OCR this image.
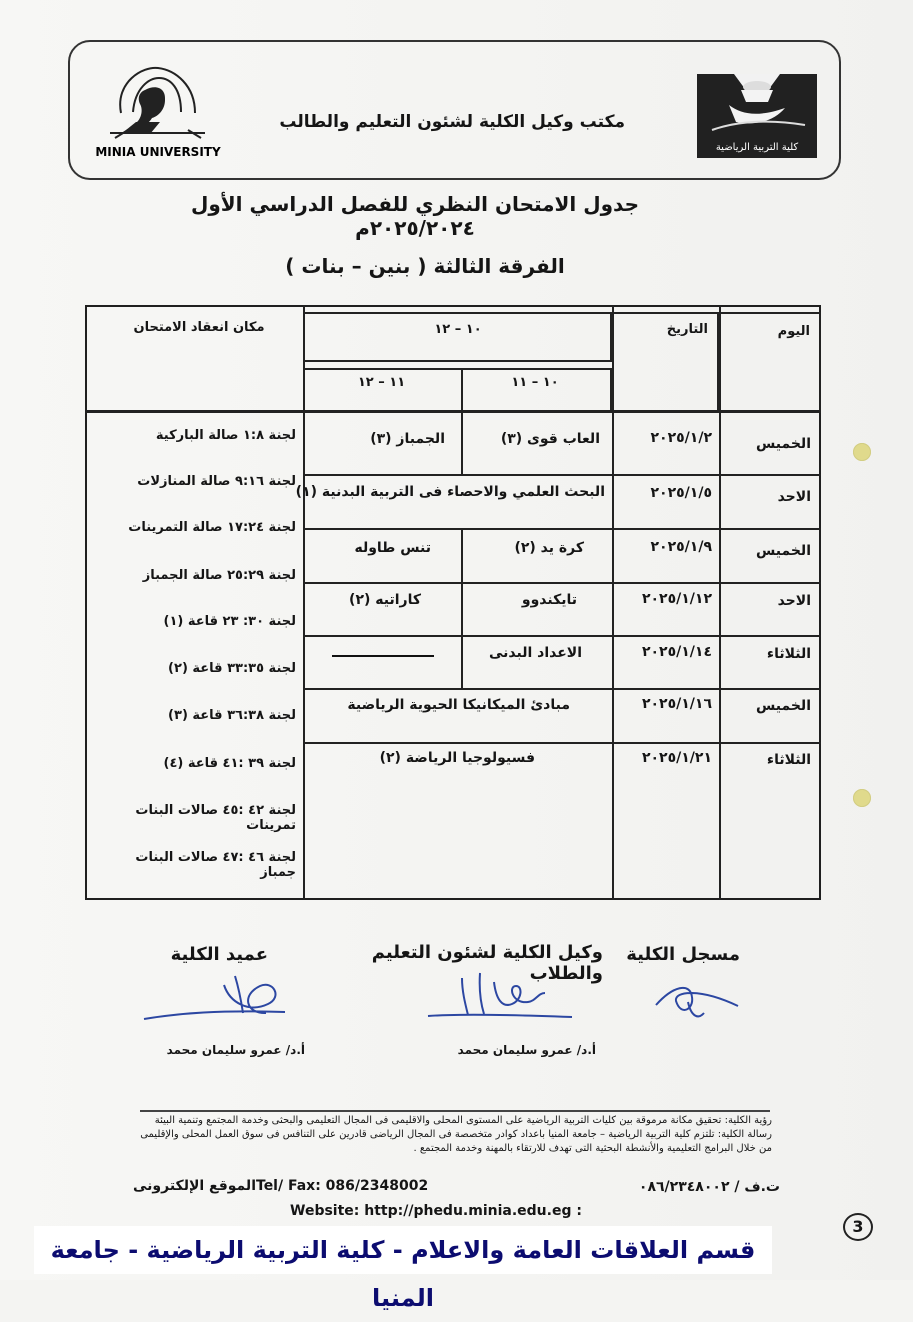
MINIA UNIVERSITY
مكتب وكيل الكلية لشئون التعليم والطالب
كلية التربية الرياضية
جدول الامتحان النظري للفصل الدراسي الأول ٢٠٢٥/٢٠٢٤م
الفرقة الثالثة ( بنين – بنات )
اليوم
التاريخ
١٠ – ١٢
١٠ – ١١
١١ – ١٢
مكان انعقاد الامتحان
الخميس
٢٠٢٥/١/٢
العاب قوى (٣)
الجمباز (٣)
الاحد
٢٠٢٥/١/٥
البحث العلمي والاحصاء فى التربية البدنية (١)
الخميس
٢٠٢٥/١/٩
كرة يد (٢)
تنس طاوله
الاحد
٢٠٢٥/١/١٢
تايكندوو
كاراتيه (٢)
الثلاثاء
٢٠٢٥/١/١٤
الاعداد البدنى
الخميس
٢٠٢٥/١/١٦
مبادئ الميكانيكا الحيوية الرياضية
الثلاثاء
٢٠٢٥/١/٢١
فسيولوجيا الرياضة (٢)
لجنة ١:٨ صالة الباركية
لجنة ٩:١٦ صالة المنازلات
لجنة ١٧:٢٤ صالة التمرينات
لجنة ٢٥:٢٩ صالة الجمباز
لجنة ٣٠: ٢٣ قاعة (١)
لجنة ٣٣:٣٥ قاعة (٢)
لجنة ٣٦:٣٨ قاعة (٣)
لجنة ٣٩ :٤١ قاعة (٤)
لجنة ٤٢ :٤٥ صالات البنات تمرينات
لجنة ٤٦ :٤٧ صالات البنات جمباز
مسجل الكلية
وكيل الكلية لشئون التعليم والطلاب
عميد الكلية
أ.د/ عمرو سليمان محمد
أ.د/ عمرو سليمان محمد
رؤية الكلية: تحقيق مكانة مرموقة بين كليات التربية الرياضية على المستوى المحلى والاقليمى فى المجال التعليمى والبحثى وخدمة المجتمع وتنمية البيئة
رسالة الكلية: تلتزم كلية التربية الرياضية – جامعة المنيا باعداد كوادر متخصصة فى المجال الرياضى قادرين على التنافس فى سوق العمل المحلى والإقليمى من خلال البرامج التعليمية والأنشطة البحثية التى تهدف للارتقاء بالمهنة وخدمة المجتمع .
ت.ف / ٠٨٦/٢٣٤٨٠٠٢
Tel/ Fax: 086/2348002
الموقع الإلكترونى
Website: http://phedu.minia.edu.eg :
3
قسم العلاقات العامة والاعلام - كلية التربية الرياضية - جامعة المنيا
